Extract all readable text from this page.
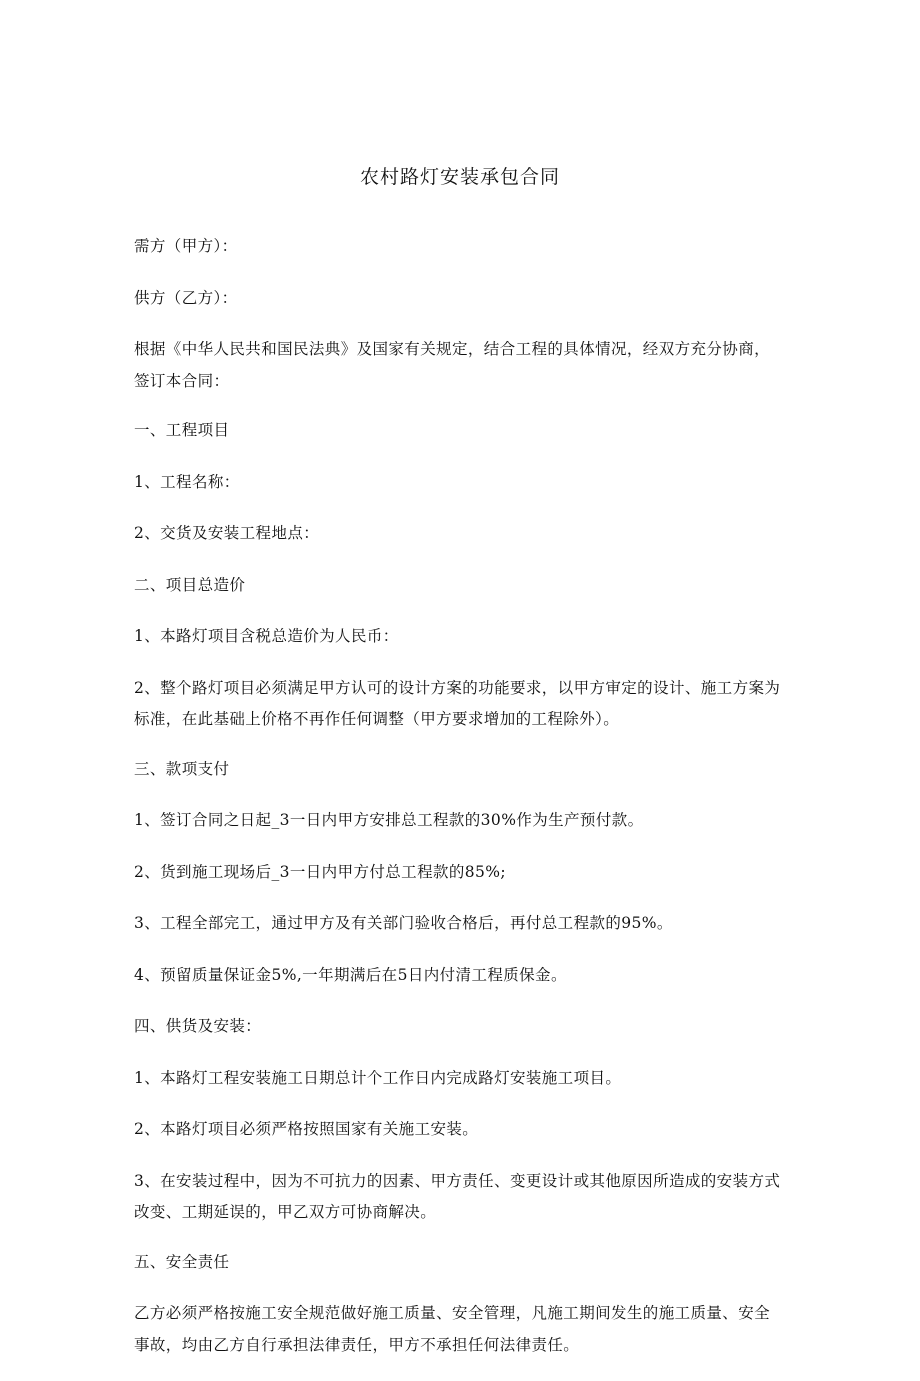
农村路灯安装承包合同

需方（甲方）：

供方（乙方）：

根据《中华人民共和国民法典》及国家有关规定，结合工程的具体情况，经双方充分协商，签订本合同：

一、工程项目

1、工程名称：

2、交货及安装工程地点：

二、项目总造价

1、本路灯项目含税总造价为人民币：

2、整个路灯项目必须满足甲方认可的设计方案的功能要求，以甲方审定的设计、施工方案为标准，在此基础上价格不再作任何调整（甲方要求增加的工程除外）。

三、款项支付

1、签订合同之日起_3一日内甲方安排总工程款的30%作为生产预付款。

2、货到施工现场后_3一日内甲方付总工程款的85%;

3、工程全部完工，通过甲方及有关部门验收合格后，再付总工程款的95%。

4、预留质量保证金5%,一年期满后在5日内付清工程质保金。

四、供货及安装：

1、本路灯工程安装施工日期总计个工作日内完成路灯安装施工项目。

2、本路灯项目必须严格按照国家有关施工安装。

3、在安装过程中，因为不可抗力的因素、甲方责任、变更设计或其他原因所造成的安装方式改变、工期延误的，甲乙双方可协商解决。

五、安全责任

乙方必须严格按施工安全规范做好施工质量、安全管理，凡施工期间发生的施工质量、安全事故，均由乙方自行承担法律责任，甲方不承担任何法律责任。
